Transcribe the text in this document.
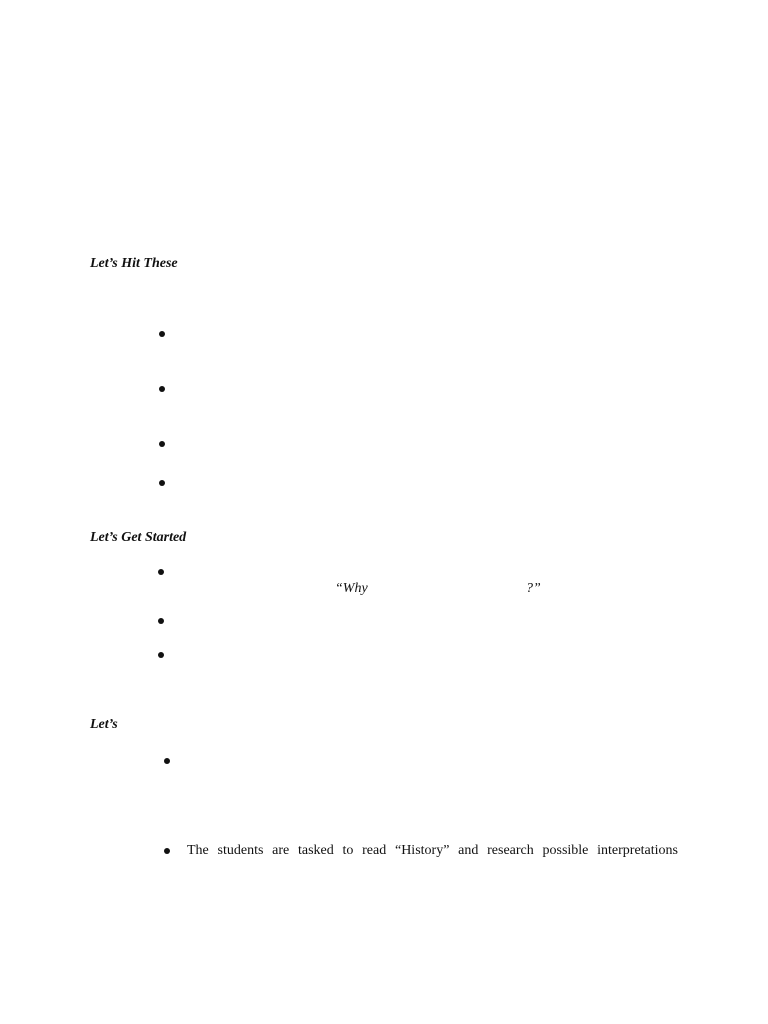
Let’s Hit These
Let’s Get Started
“Why	?”
Let’s
The students are tasked to read “History” and research possible interpretations
